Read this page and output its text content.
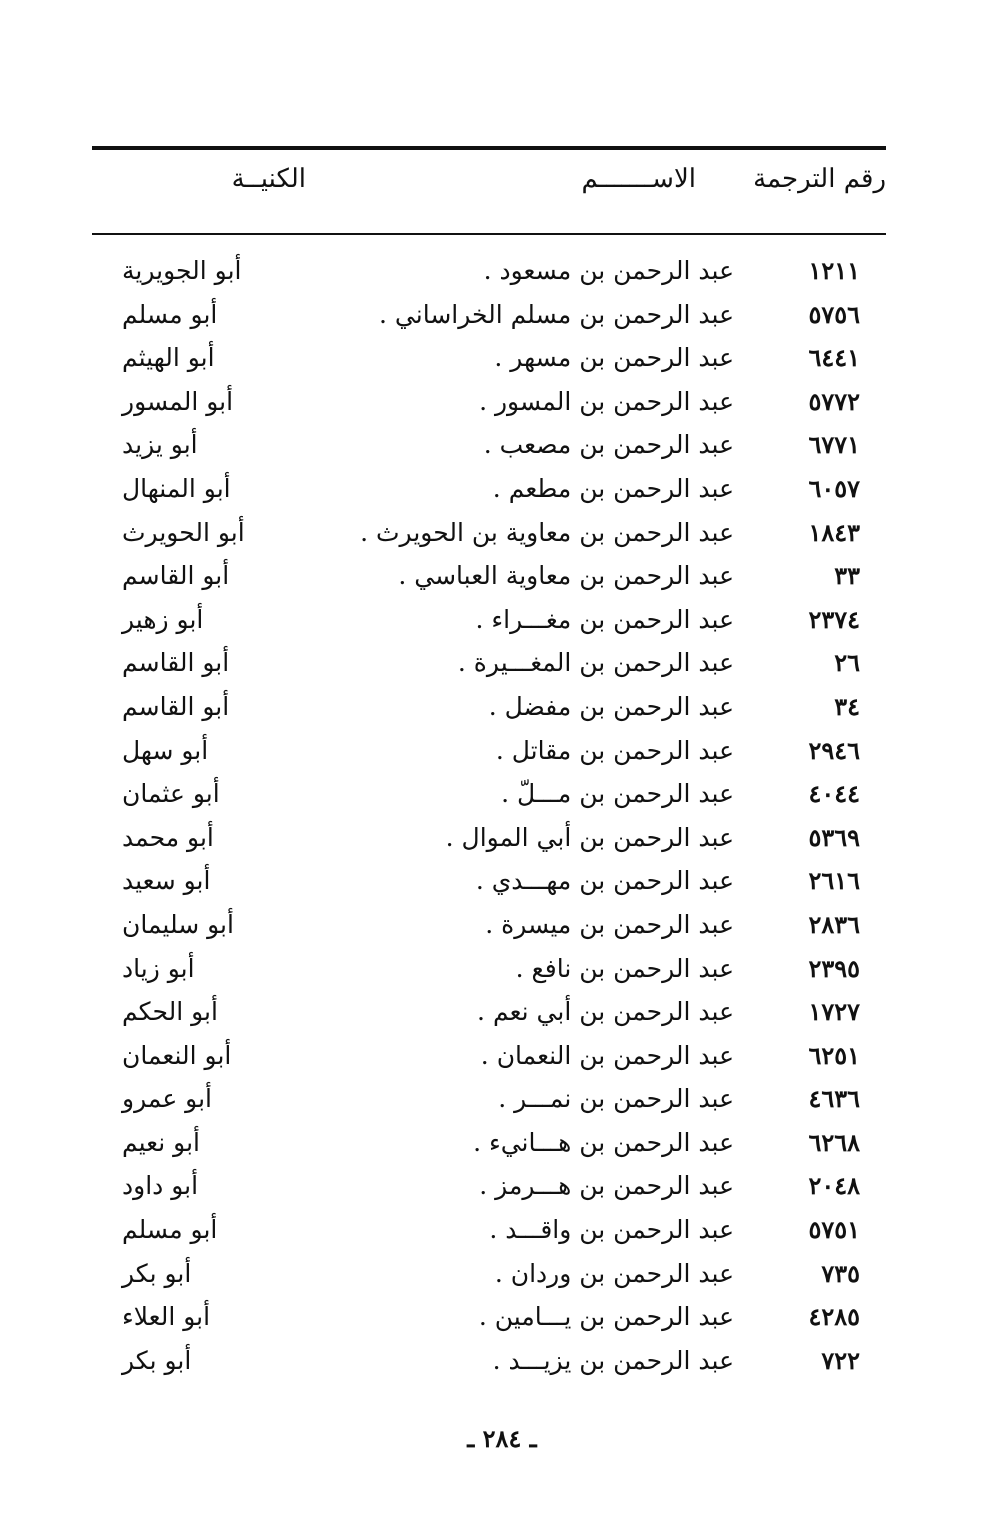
رقم الترجمة
الاســـــــم
الكنيــة
١٢١١
عبد الرحمن بن مسعود .
أبو الجويرية
٥٧٥٦
عبد الرحمن بن مسلم الخراساني .
أبو مسلم
٦٤٤١
عبد الرحمن بن مسهر .
أبو الهيثم
٥٧٧٢
عبد الرحمن بن المسور .
أبو المسور
٦٧٧١
عبد الرحمن بن مصعب .
أبو يزيد
٦٠٥٧
عبد الرحمن بن مطعم .
أبو المنهال
١٨٤٣
عبد الرحمن بن معاوية بن الحويرث .
أبو الحويرث
٣٣
عبد الرحمن بن معاوية العباسي .
أبو القاسم
٢٣٧٤
عبد الرحمن بن مغـــراء .
أبو زهير
٢٦
عبد الرحمن بن المغـــيرة .
أبو القاسم
٣٤
عبد الرحمن بن مفضل .
أبو القاسم
٢٩٤٦
عبد الرحمن بن مقاتل .
أبو سهل
٤٠٤٤
عبد الرحمن بن مـــلّ .
أبو عثمان
٥٣٦٩
عبد الرحمن بن أبي الموال .
أبو محمد
٢٦١٦
عبد الرحمن بن مهـــدي .
أبو سعيد
٢٨٣٦
عبد الرحمن بن ميسرة .
أبو سليمان
٢٣٩٥
عبد الرحمن بن نافع .
أبو زياد
١٧٢٧
عبد الرحمن بن أبي نعم .
أبو الحكم
٦٢٥١
عبد الرحمن بن النعمان .
أبو النعمان
٤٦٣٦
عبد الرحمن بن نمـــر .
أبو عمرو
٦٢٦٨
عبد الرحمن بن هـــانيء .
أبو نعيم
٢٠٤٨
عبد الرحمن بن هـــرمز .
أبو داود
٥٧٥١
عبد الرحمن بن واقـــد .
أبو مسلم
٧٣٥
عبد الرحمن بن وردان .
أبو بكر
٤٢٨٥
عبد الرحمن بن يـــامين .
أبو العلاء
٧٢٢
عبد الرحمن بن يزيـــد .
أبو بكر
ـ ٢٨٤ ـ
